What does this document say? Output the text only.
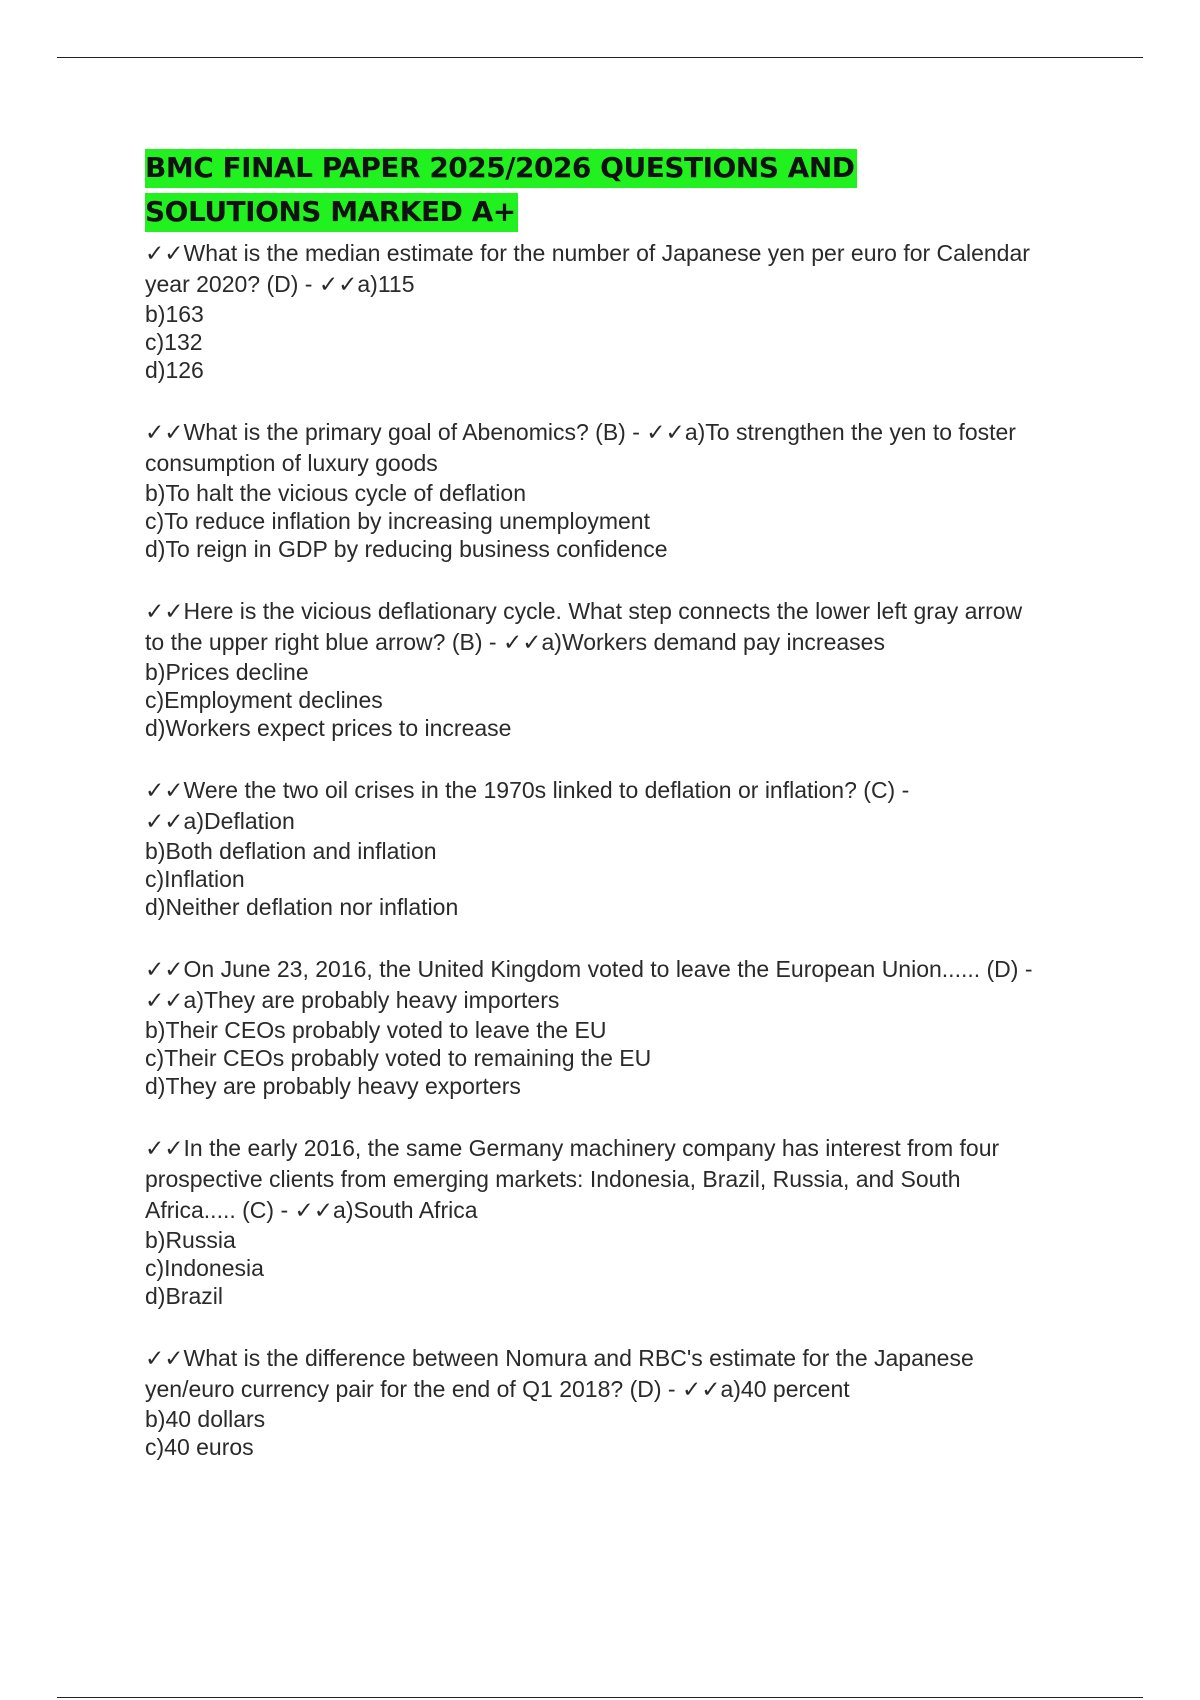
BMC FINAL PAPER 2025/2026 QUESTIONS AND SOLUTIONS MARKED A+

✓✓What is the median estimate for the number of Japanese yen per euro for Calendar
year 2020? (D) - ✓✓a)115

b)163
c)132
d)126

✓✓What is the primary goal of Abenomics? (B) - ✓✓a)To strengthen the yen to foster
consumption of luxury goods

b)To halt the vicious cycle of deflation
c)To reduce inflation by increasing unemployment
d)To reign in GDP by reducing business confidence

✓✓Here is the vicious deflationary cycle. What step connects the lower left gray arrow
to the upper right blue arrow? (B) - ✓✓a)Workers demand pay increases

b)Prices decline
c)Employment declines
d)Workers expect prices to increase

✓✓Were the two oil crises in the 1970s linked to deflation or inflation? (C) -
✓✓a)Deflation

b)Both deflation and inflation
c)Inflation
d)Neither deflation nor inflation

✓✓On June 23, 2016, the United Kingdom voted to leave the European Union...... (D) -
✓✓a)They are probably heavy importers

b)Their CEOs probably voted to leave the EU
c)Their CEOs probably voted to remaining the EU
d)They are probably heavy exporters

✓✓In the early 2016, the same Germany machinery company has interest from four
prospective clients from emerging markets: Indonesia, Brazil, Russia, and South
Africa..... (C) - ✓✓a)South Africa

b)Russia
c)Indonesia
d)Brazil

✓✓What is the difference between Nomura and RBC's estimate for the Japanese
yen/euro currency pair for the end of Q1 2018? (D) - ✓✓a)40 percent

b)40 dollars
c)40 euros
